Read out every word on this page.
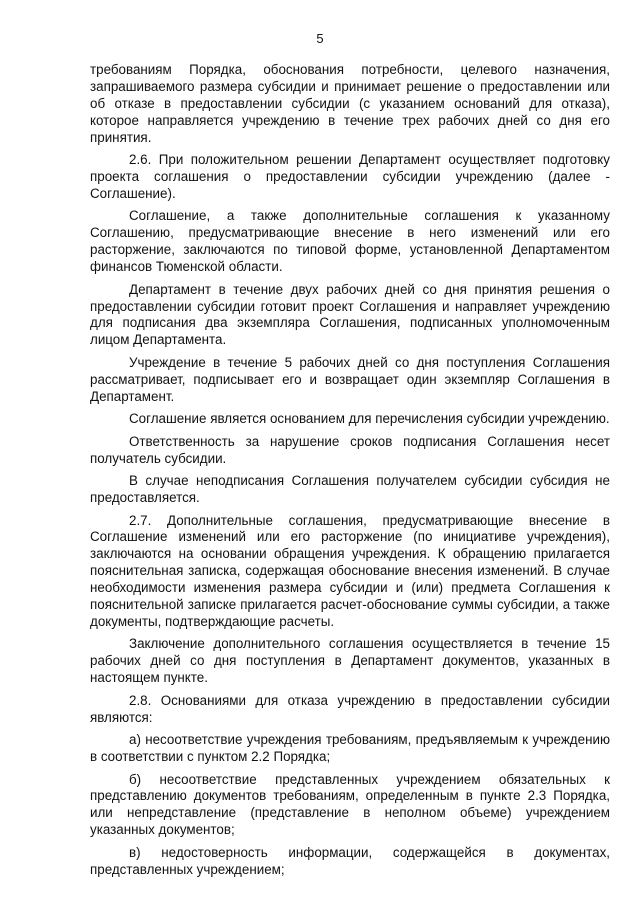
5

требованиям Порядка, обоснования потребности, целевого назначения, запрашиваемого размера субсидии и принимает решение о предоставлении или об отказе в предоставлении субсидии (с указанием оснований для отказа), которое направляется учреждению в течение трех рабочих дней со дня его принятия.

2.6. При положительном решении Департамент осуществляет подготовку проекта соглашения о предоставлении субсидии учреждению (далее - Соглашение).

Соглашение, а также дополнительные соглашения к указанному Соглашению, предусматривающие внесение в него изменений или его расторжение, заключаются по типовой форме, установленной Департаментом финансов Тюменской области.

Департамент в течение двух рабочих дней со дня принятия решения о предоставлении субсидии готовит проект Соглашения и направляет учреждению для подписания два экземпляра Соглашения, подписанных уполномоченным лицом Департамента.

Учреждение в течение 5 рабочих дней со дня поступления Соглашения рассматривает, подписывает его и возвращает один экземпляр Соглашения в Департамент.

Соглашение является основанием для перечисления субсидии учреждению.

Ответственность за нарушение сроков подписания Соглашения несет получатель субсидии.

В случае неподписания Соглашения получателем субсидии субсидия не предоставляется.

2.7. Дополнительные соглашения, предусматривающие внесение в Соглашение изменений или его расторжение (по инициативе учреждения), заключаются на основании обращения учреждения. К обращению прилагается пояснительная записка, содержащая обоснование внесения изменений. В случае необходимости изменения размера субсидии и (или) предмета Соглашения к пояснительной записке прилагается расчет-обоснование суммы субсидии, а также документы, подтверждающие расчеты.

Заключение дополнительного соглашения осуществляется в течение 15 рабочих дней со дня поступления в Департамент документов, указанных в настоящем пункте.

2.8. Основаниями для отказа учреждению в предоставлении субсидии являются:

а) несоответствие учреждения требованиям, предъявляемым к учреждению в соответствии с пунктом 2.2 Порядка;

б) несоответствие представленных учреждением обязательных к представлению документов требованиям, определенным в пункте 2.3 Порядка, или непредставление (представление в неполном объеме) учреждением указанных документов;

в) недостоверность информации, содержащейся в документах, представленных учреждением;
